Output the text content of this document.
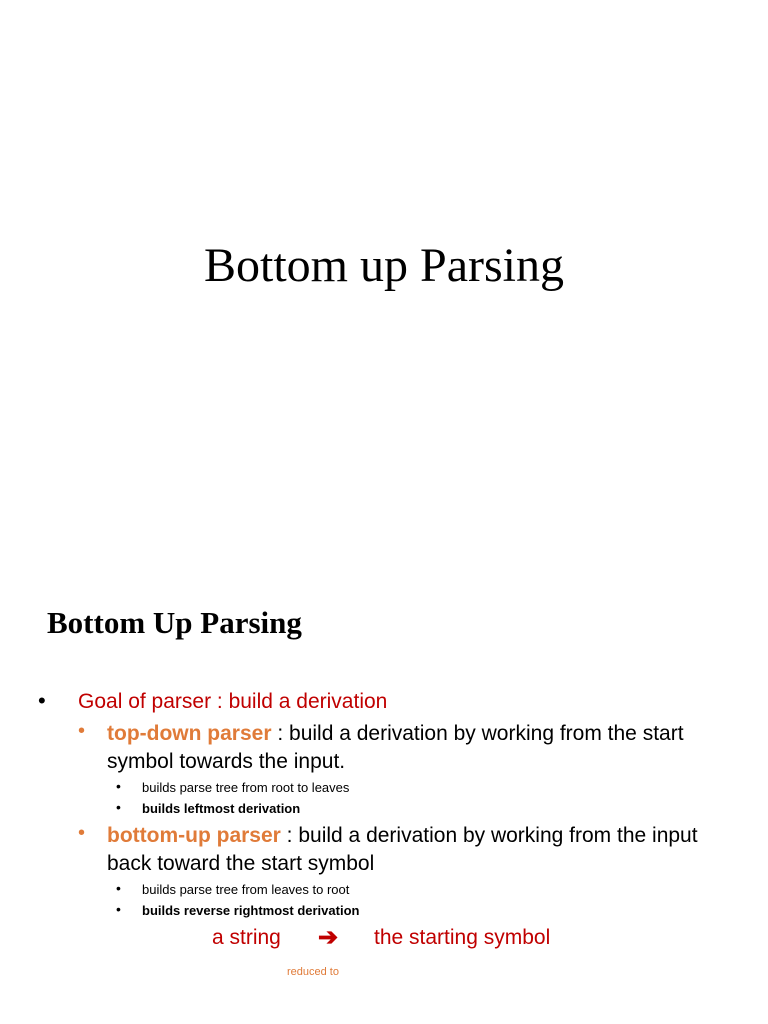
Bottom up Parsing
Bottom Up Parsing
• Goal of parser : build a derivation
• top-down parser : build a derivation by working from the start symbol towards the input.
• builds parse tree from root to leaves
• builds leftmost derivation
• bottom-up parser : build a derivation by working from the input back toward the start symbol
• builds parse tree from leaves to root
• builds reverse rightmost derivation
a string ➔ the starting symbol
reduced to
